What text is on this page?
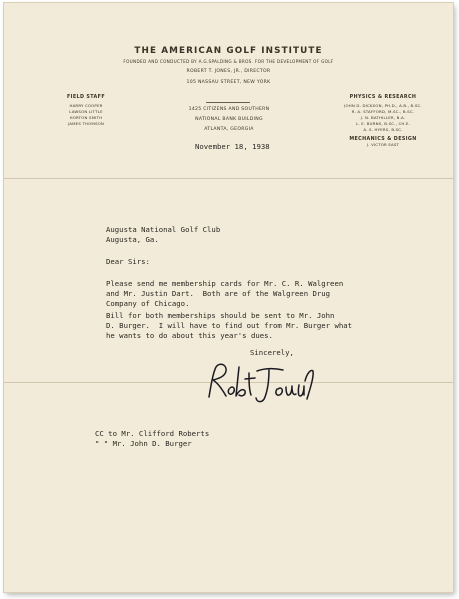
THE AMERICAN GOLF INSTITUTE
FOUNDED AND CONDUCTED BY A.G.SPALDING & BROS. FOR THE DEVELOPMENT OF GOLF
ROBERT T. JONES, JR., DIRECTOR
105 NASSAU STREET, NEW YORK
FIELD STAFF
HARRY COOPER
LAWSON LITTLE
HORTON SMITH
JAMES THOMSON
1425 CITIZENS AND SOUTHERN
NATIONAL BANK BUILDING
ATLANTA, GEORGIA
PHYSICS & RESEARCH
JOHN D. DICKSON, PH.D., A.B., B.SC.
R. A. STAFFORD, M.SC., B.SC.
J. N. BATHILLER, B.A.
L. E. BURNS, B.SC., CH.E.
A. S. HYERS, B.SC.
MECHANICS & DESIGN
J. VICTOR EAST
November 18, 1938
Augusta National Golf Club
Augusta, Ga.
Dear Sirs:
Please send me membership cards for Mr. C. R. Walgreen
and Mr. Justin Dart.  Both are of the Walgreen Drug
Company of Chicago.
Bill for both memberships should be sent to Mr. John
D. Burger.  I will have to find out from Mr. Burger what
he wants to do about this year's dues.
Sincerely,
CC to Mr. Clifford Roberts
" " Mr. John D. Burger
